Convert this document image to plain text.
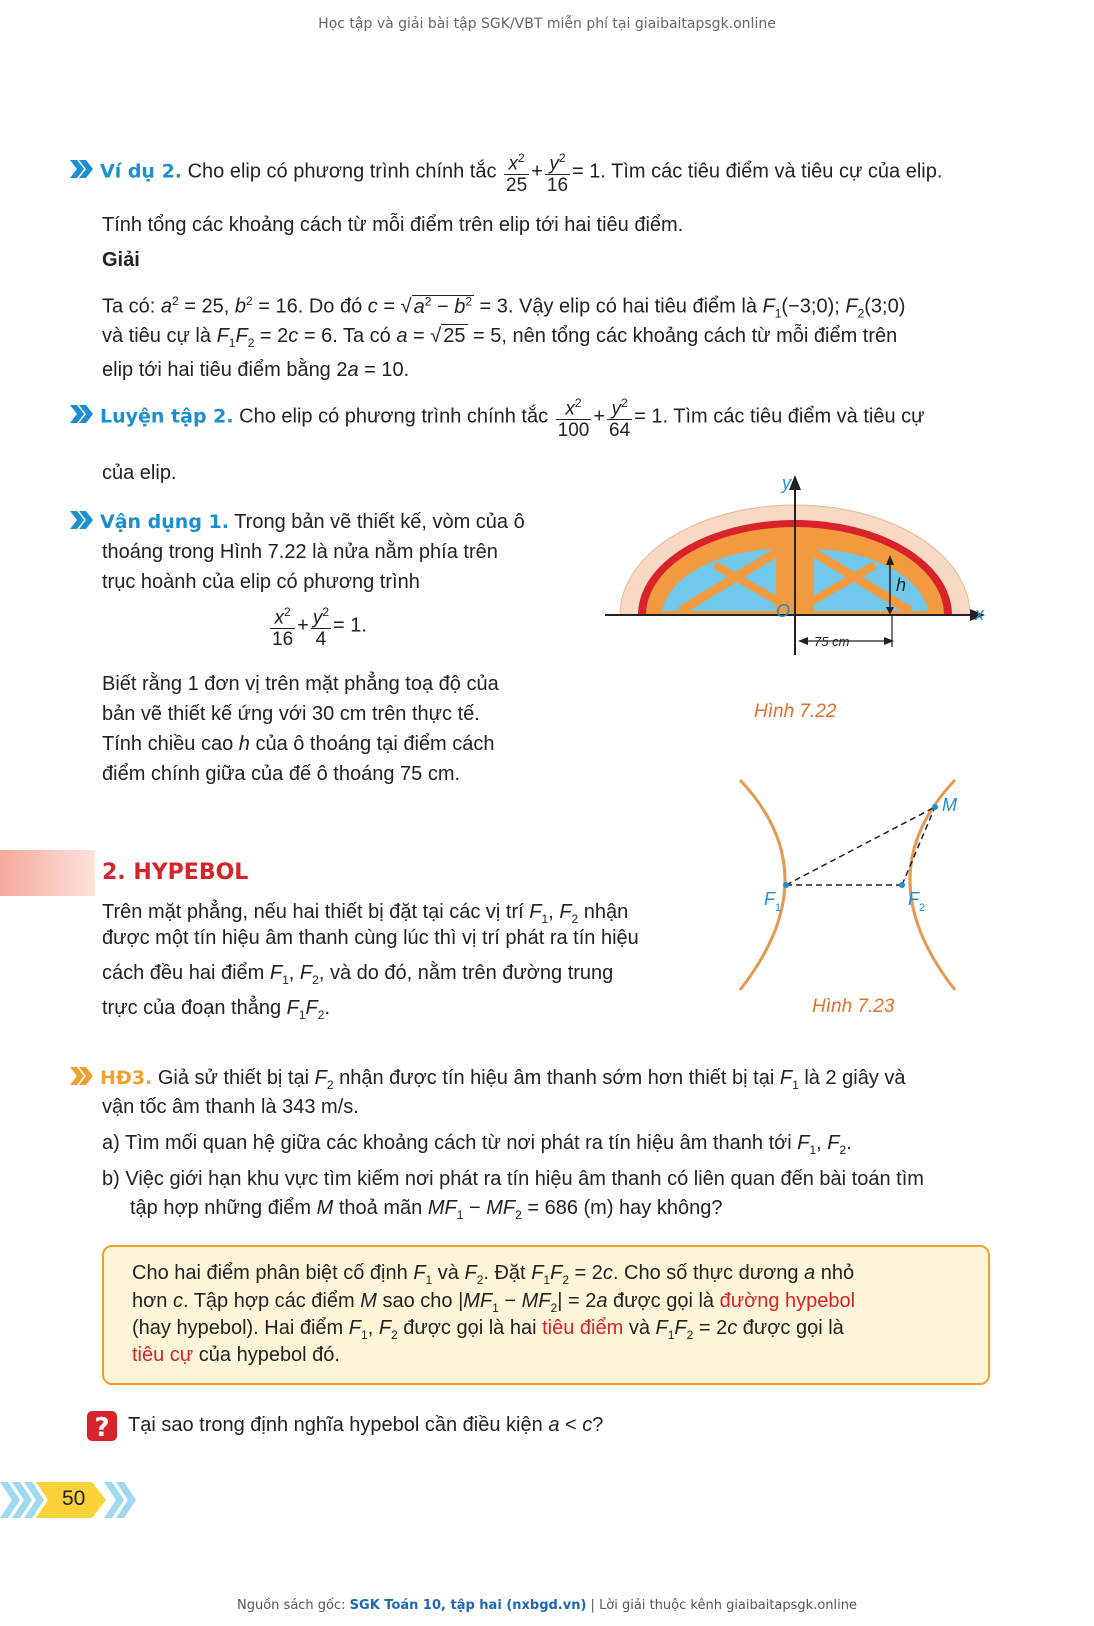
Học tập và giải bài tập SGK/VBT miễn phí tại giaibaitapsgk.online
Ví dụ 2. Cho elip có phương trình chính tắc $\frac{x^2}{25} + \frac{y^2}{16} = 1$. Tìm các tiêu điểm và tiêu cự của elip.
Tính tổng các khoảng cách từ mỗi điểm trên elip tới hai tiêu điểm.
Giải
Ta có: $a^2 = 25$, $b^2 = 16$. Do đó c = √ $a^2 - b^2 = 3$. Vậy elip có hai tiêu điểm là $F_1(-3;0)$; $F_2(3;0)$
và tiêu cự là $F_1F_2 = 2c = 6$. Ta có a = √ 25 = 5, nên tổng các khoảng cách từ mỗi điểm trên
elip tới hai tiêu điểm bằng 2a = 10.
Luyện tập 2. Cho elip có phương trình chính tắc $\frac{x^2}{100} + \frac{y^2}{64} = 1$. Tìm các tiêu điểm và tiêu cự
của elip.
Vận dụng 1. Trong bản vẽ thiết kế, vòm của ô
thoáng trong Hình 7.22 là nửa nằm phía trên
trục hoành của elip có phương trình
$\frac{x^2}{16} + \frac{y^2}{4} = 1$.
Biết rằng 1 đơn vị trên mặt phẳng toạ độ của
bản vẽ thiết kế ứng với 30 cm trên thực tế.
Tính chiều cao h của ô thoáng tại điểm cách
điểm chính giữa của đế ô thoáng 75 cm.
y
x
O
h
75 cm
Hình 7.22
2. HYPEBOL
Trên mặt phẳng, nếu hai thiết bị đặt tại các vị trí $F_1$, $F_2$ nhận
được một tín hiệu âm thanh cùng lúc thì vị trí phát ra tín hiệu
cách đều hai điểm $F_1$, $F_2$, và do đó, nằm trên đường trung
trực của đoạn thẳng $F_1F_2$.
M
F 1	F 2
Hình 7.23
HĐ3. Giả sử thiết bị tại $F_2$ nhận được tín hiệu âm thanh sớm hơn thiết bị tại $F_1$ là 2 giây và
vận tốc âm thanh là 343 m/s.
a) Tìm mối quan hệ giữa các khoảng cách từ nơi phát ra tín hiệu âm thanh tới $F_1$, $F_2$.
b) Việc giới hạn khu vực tìm kiếm nơi phát ra tín hiệu âm thanh có liên quan đến bài toán tìm
tập hợp những điểm M thoả mãn $MF_1 - MF_2 = 686$ (m) hay không?
Cho hai điểm phân biệt cố định $F_1$ và $F_2$. Đặt $F_1F_2 = 2c$. Cho số thực dương a nhỏ
hơn c. Tập hợp các điểm M sao cho $|MF_1 - MF_2| = 2a$ được gọi là đường hypebol
(hay hypebol). Hai điểm $F_1$, $F_2$ được gọi là hai tiêu điểm và $F_1F_2 = 2c$ được gọi là
tiêu cự của hypebol đó.
? Tại sao trong định nghĩa hypebol cần điều kiện a < c?
50
Nguồn sách gốc: SGK Toán 10, tập hai (nxbgd.vn) | Lời giải thuộc kênh giaibaitapsgk.online
